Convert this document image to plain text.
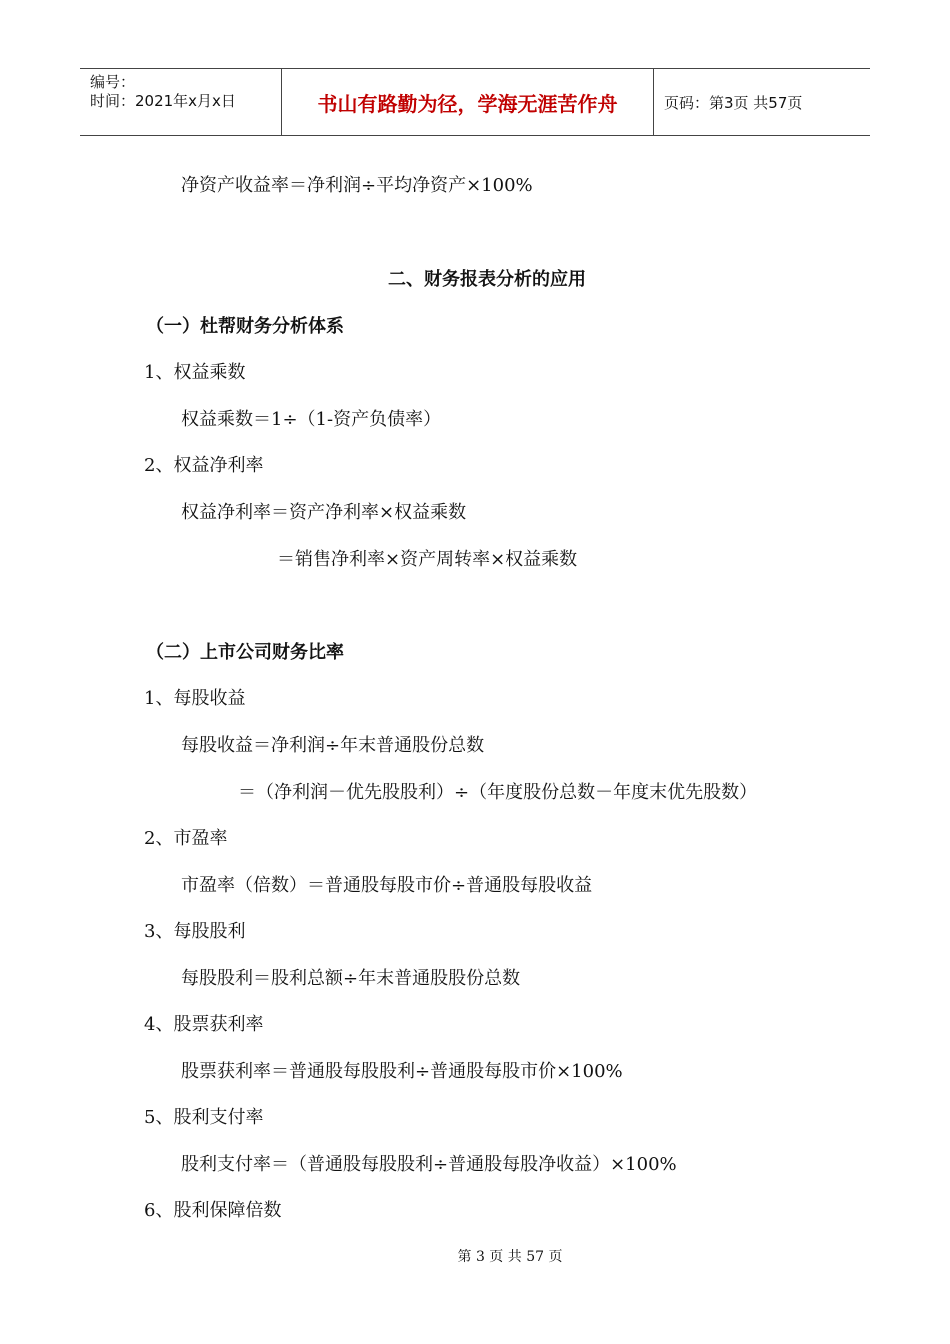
编号：
时间：2021年x月x日	书山有路勤为径，学海无涯苦作舟	页码：第3页 共57页
净资产收益率＝净利润÷平均净资产×100%
二、财务报表分析的应用
（一）杜帮财务分析体系
1、权益乘数
权益乘数＝1÷（1-资产负债率）
2、权益净利率
权益净利率＝资产净利率×权益乘数
＝销售净利率×资产周转率×权益乘数
（二）上市公司财务比率
1、每股收益
每股收益＝净利润÷年末普通股份总数
＝（净利润－优先股股利）÷（年度股份总数－年度末优先股数）
2、市盈率
市盈率（倍数）＝普通股每股市价÷普通股每股收益
3、每股股利
每股股利＝股利总额÷年末普通股股份总数
4、股票获利率
股票获利率＝普通股每股股利÷普通股每股市价×100%
5、股利支付率
股利支付率＝（普通股每股股利÷普通股每股净收益）×100%
6、股利保障倍数
第 3 页 共 57 页
